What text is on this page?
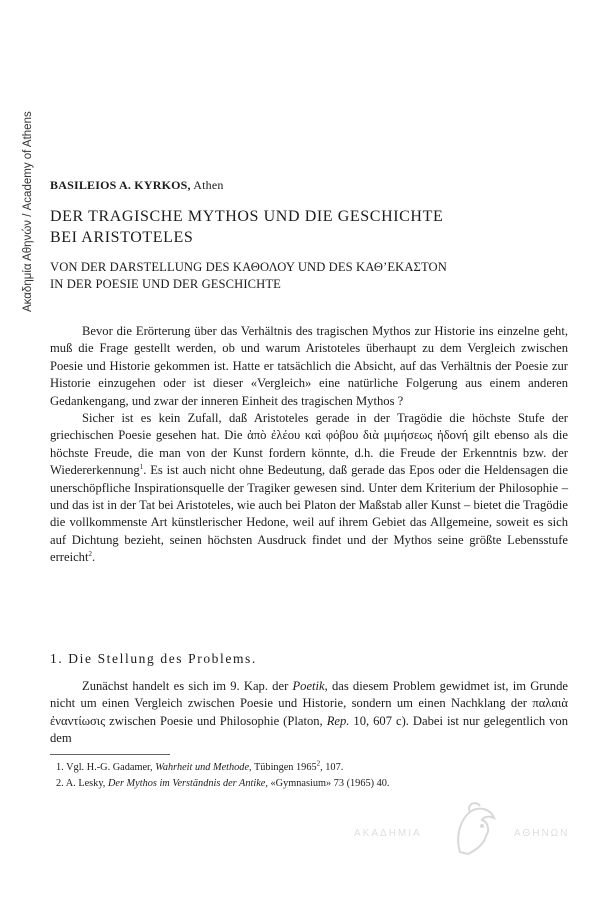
Ακαδημία Αθηνών / Academy of Athens BASILEIOS A. KYRKOS, Athen
DER TRAGISCHE MYTHOS UND DIE GESCHICHTE
BEI ARISTOTELES
VON DER DARSTELLUNG DES ΚΑΘΟΛΟΥ UND DES ΚΑΘ’ΕΚΑΣΤΟΝ
IN DER POESIE UND DER GESCHICHTE

Bevor die Erörterung über das Verhältnis des tragischen Mythos zur Historie ins einzelne geht, muß die Frage gestellt werden, ob und warum Aristoteles überhaupt zu dem Vergleich zwischen Poesie und Historie gekommen ist. Hatte er tatsächlich die Absicht, auf das Verhältnis der Poesie zur Historie einzugehen oder ist dieser «Vergleich» eine natürliche Folgerung aus einem anderen Gedankengang, und zwar der inneren Einheit des tragischen Mythos ?

Sicher ist es kein Zufall, daß Aristoteles gerade in der Tragödie die höchste Stufe der griechischen Poesie gesehen hat. Die ἀπὸ ἐλέου καὶ φόβου διὰ μιμήσεως ἡδονή gilt ebenso als die höchste Freude, die man von der Kunst fordern könnte, d.h. die Freude der Erkenntnis bzw. der Wiedererkennung$^1$. Es ist auch nicht ohne Bedeutung, daß gerade das Epos oder die Heldensagen die unerschöpfliche Inspirationsquelle der Tragiker gewesen sind. Unter dem Kriterium der Philosophie – und das ist in der Tat bei Aristoteles, wie auch bei Platon der Maßstab aller Kunst – bietet die Tragödie die vollkommenste Art künstlerischer Hedone, weil auf ihrem Gebiet das Allgemeine, soweit es sich auf Dichtung bezieht, seinen höchsten Ausdruck findet und der Mythos seine größte Lebensstufe erreicht$^2$.

1. Die Stellung des Problems.

Zunächst handelt es sich im 9. Kap. der Poetik, das diesem Problem gewidmet ist, im Grunde nicht um einen Vergleich zwischen Poesie und Historie, sondern um einen Nachklang der παλαιὰ ἐναντίωσις zwischen Poesie und Philosophie (Platon, Rep. 10, 607 c). Dabei ist nur gelegentlich von dem

1. Vgl. H.-G. Gadamer, Wahrheit und Methode, Tübingen 1965$^2$, 107.
2. A. Lesky, Der Mythos im Verständnis der Antike, «Gymnasium» 73 (1965) 40.
ΑΚΑΔΗΜΙΑ	ΑΘΗΝΩΝ
